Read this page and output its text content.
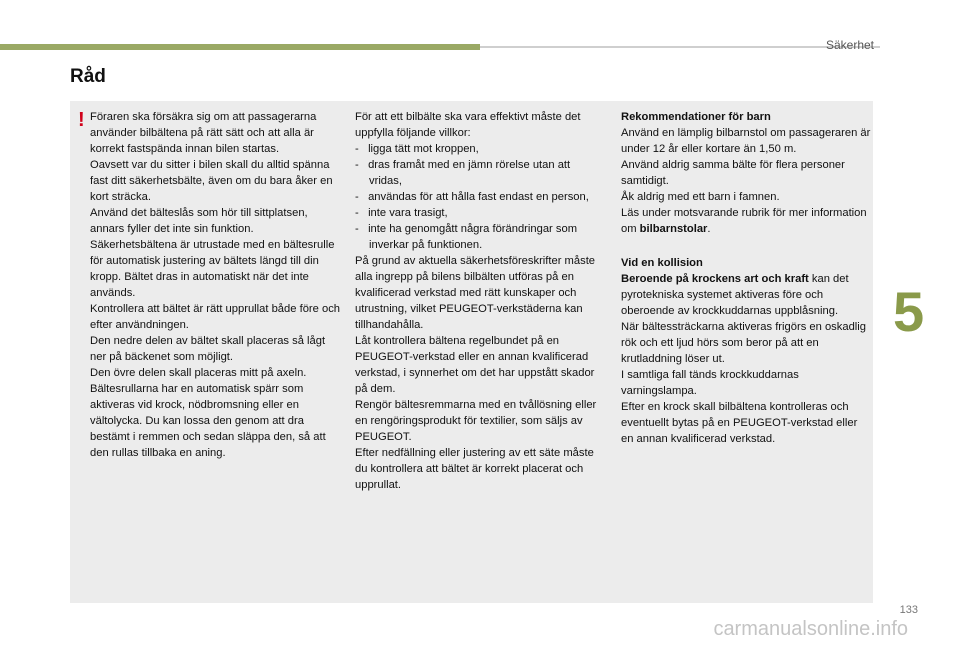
Säkerhet
Råd
! Föraren ska försäkra sig om att passagerarna använder bilbältena på rätt sätt och att alla är korrekt fastspända innan bilen startas.

Oavsett var du sitter i bilen skall du alltid spänna fast ditt säkerhetsbälte, även om du bara åker en kort sträcka.

Använd det bälteslås som hör till sittplatsen, annars fyller det inte sin funktion.

Säkerhetsbältena är utrustade med en bältesrulle för automatisk justering av bältets längd till din kropp. Bältet dras in automatiskt när det inte används.

Kontrollera att bältet är rätt upprullat både före och efter användningen.

Den nedre delen av bältet skall placeras så lågt ner på bäckenet som möjligt.

Den övre delen skall placeras mitt på axeln.

Bältesrullarna har en automatisk spärr som aktiveras vid krock, nödbromsning eller en vältolycka. Du kan lossa den genom att dra bestämt i remmen och sedan släppa den, så att den rullas tillbaka en aning.

För att ett bilbälte ska vara effektivt måste det uppfylla följande villkor:

-   ligga tätt mot kroppen,

-   dras framåt med en jämn rörelse utan att vridas,

-   användas för att hålla fast endast en person,

-   inte vara trasigt,

-   inte ha genomgått några förändringar som inverkar på funktionen.

På grund av aktuella säkerhetsföreskrifter måste alla ingrepp på bilens bilbälten utföras på en kvalificerad verkstad med rätt kunskaper och utrustning, vilket PEUGEOT-verkstäderna kan tillhandahålla.

Låt kontrollera bältena regelbundet på en PEUGEOT-verkstad eller en annan kvalificerad verkstad, i synnerhet om det har uppstått skador på dem.

Rengör bältesremmarna med en tvållösning eller en rengöringsprodukt för textilier, som säljs av PEUGEOT.

Efter nedfällning eller justering av ett säte måste du kontrollera att bältet är korrekt placerat och upprullat.

Rekommendationer för barn

Använd en lämplig bilbarnstol om passageraren är under 12 år eller kortare än 1,50 m.

Använd aldrig samma bälte för flera personer samtidigt.

Åk aldrig med ett barn i famnen.

Läs under motsvarande rubrik för mer information om bilbarnstolar.

Vid en kollision

Beroende på krockens art och kraft kan det pyrotekniska systemet aktiveras före och oberoende av krockkuddarnas uppblåsning.

När bältessträckarna aktiveras frigörs en oskadlig rök och ett ljud hörs som beror på att en krutladdning löser ut.

I samtliga fall tänds krockkuddarnas varningslampa.

Efter en krock skall bilbältena kontrolleras och eventuellt bytas på en PEUGEOT-verkstad eller en annan kvalificerad verkstad.

5
133
carmanualsonline.info
